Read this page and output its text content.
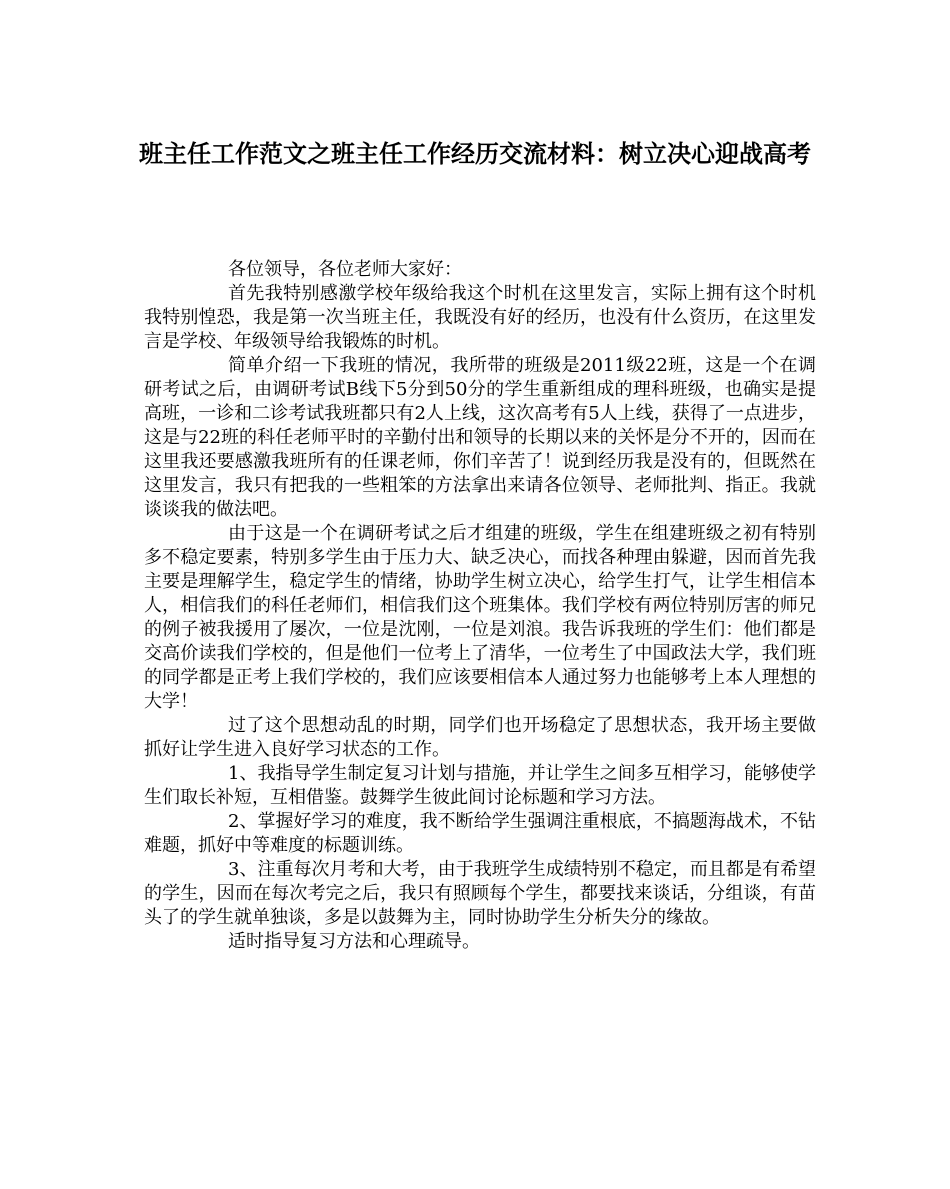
班主任工作范文之班主任工作经历交流材料：树立决心迎战高考

各位领导，各位老师大家好：

首先我特别感激学校年级给我这个时机在这里发言，实际上拥有这个时机我特别惶恐，我是第一次当班主任，我既没有好的经历，也没有什么资历，在这里发言是学校、年级领导给我锻炼的时机。

简单介绍一下我班的情况，我所带的班级是2011级22班，这是一个在调研考试之后，由调研考试B线下5分到50分的学生重新组成的理科班级，也确实是提高班，一诊和二诊考试我班都只有2人上线，这次高考有5人上线，获得了一点进步，这是与22班的科任老师平时的辛勤付出和领导的长期以来的关怀是分不开的，因而在这里我还要感激我班所有的任课老师，你们辛苦了！说到经历我是没有的，但既然在这里发言，我只有把我的一些粗笨的方法拿出来请各位领导、老师批判、指正。我就谈谈我的做法吧。

由于这是一个在调研考试之后才组建的班级，学生在组建班级之初有特别多不稳定要素，特别多学生由于压力大、缺乏决心，而找各种理由躲避，因而首先我主要是理解学生，稳定学生的情绪，协助学生树立决心，给学生打气，让学生相信本人，相信我们的科任老师们，相信我们这个班集体。我们学校有两位特别厉害的师兄的例子被我援用了屡次，一位是沈刚，一位是刘浪。我告诉我班的学生们：他们都是交高价读我们学校的，但是他们一位考上了清华，一位考生了中国政法大学，我们班的同学都是正考上我们学校的，我们应该要相信本人通过努力也能够考上本人理想的大学！

过了这个思想动乱的时期，同学们也开场稳定了思想状态，我开场主要做抓好让学生进入良好学习状态的工作。

1、我指导学生制定复习计划与措施，并让学生之间多互相学习，能够使学生们取长补短，互相借鉴。鼓舞学生彼此间讨论标题和学习方法。

2、掌握好学习的难度，我不断给学生强调注重根底，不搞题海战术，不钻难题，抓好中等难度的标题训练。

3、注重每次月考和大考，由于我班学生成绩特别不稳定，而且都是有希望的学生，因而在每次考完之后，我只有照顾每个学生，都要找来谈话，分组谈，有苗头了的学生就单独谈，多是以鼓舞为主，同时协助学生分析失分的缘故。

适时指导复习方法和心理疏导。
